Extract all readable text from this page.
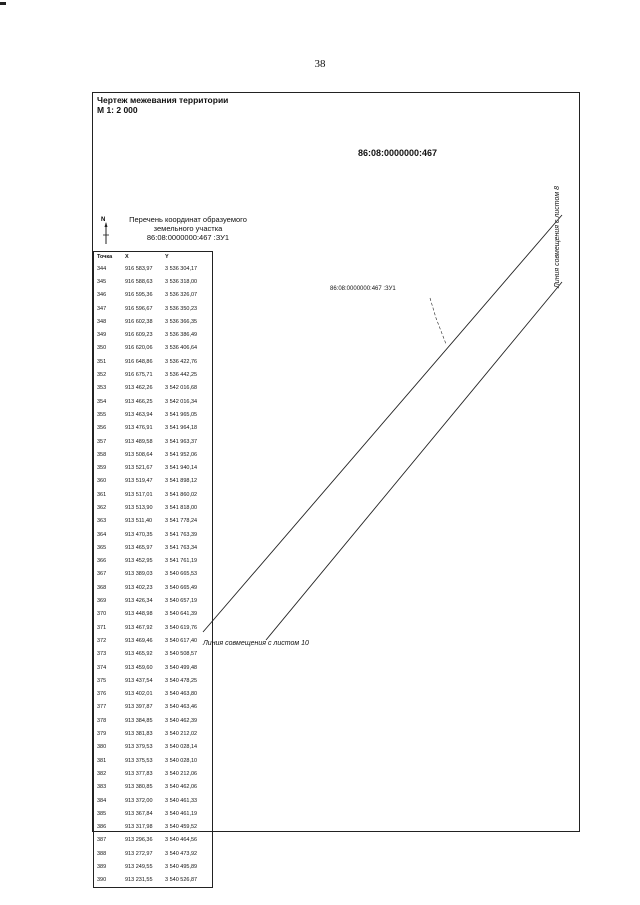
38
Чертеж межевания территории
М 1: 2 000
86:08:0000000:467
N	Перечень координат образуемого
земельного участка
86:08:0000000:467 :ЗУ1
Точка	X	Y
344	916 583,97	3 536 304,17
345	916 588,63	3 536 318,00
346	916 595,36	3 536 326,07
347	916 596,67	3 536 350,23
348	916 602,38	3 536 366,35
349	916 609,23	3 536 386,49
350	916 620,06	3 536 406,64
351	916 648,86	3 536 422,76
352	916 675,71	3 536 442,25
353	913 462,26	3 542 016,68
354	913 466,25	3 542 016,34
355	913 463,94	3 541 965,05
356	913 476,91	3 541 964,18
357	913 489,58	3 541 963,37
358	913 508,64	3 541 952,06
359	913 521,67	3 541 940,14
360	913 519,47	3 541 898,12
361	913 517,01	3 541 860,02
362	913 513,90	3 541 818,00
363	913 511,40	3 541 778,24
364	913 470,35	3 541 763,39
365	913 465,97	3 541 763,34
366	913 452,95	3 541 761,19
367	913 389,03	3 540 665,53
368	913 402,23	3 540 665,49
369	913 426,34	3 540 657,19
370	913 448,98	3 540 641,39
371	913 467,92	3 540 619,76
372	913 469,46	3 540 617,40
373	913 465,92	3 540 508,57
374	913 459,60	3 540 499,48
375	913 437,54	3 540 478,25
376	913 402,01	3 540 463,80
377	913 397,87	3 540 463,46
378	913 384,85	3 540 462,39
379	913 381,83	3 540 212,02
380	913 379,53	3 540 028,14
381	913 375,53	3 540 028,10
382	913 377,83	3 540 212,06
383	913 380,85	3 540 462,06
384	913 372,00	3 540 461,33
385	913 367,84	3 540 461,19
386	913 317,98	3 540 459,52
387	913 296,36	3 540 464,56
388	913 272,97	3 540 473,92
389	913 249,55	3 540 495,89
390	913 231,55	3 540 526,87
86:08:0000000:467 :ЗУ1
Линия совмещения с листом 10
Линия совмещения с листом 8
